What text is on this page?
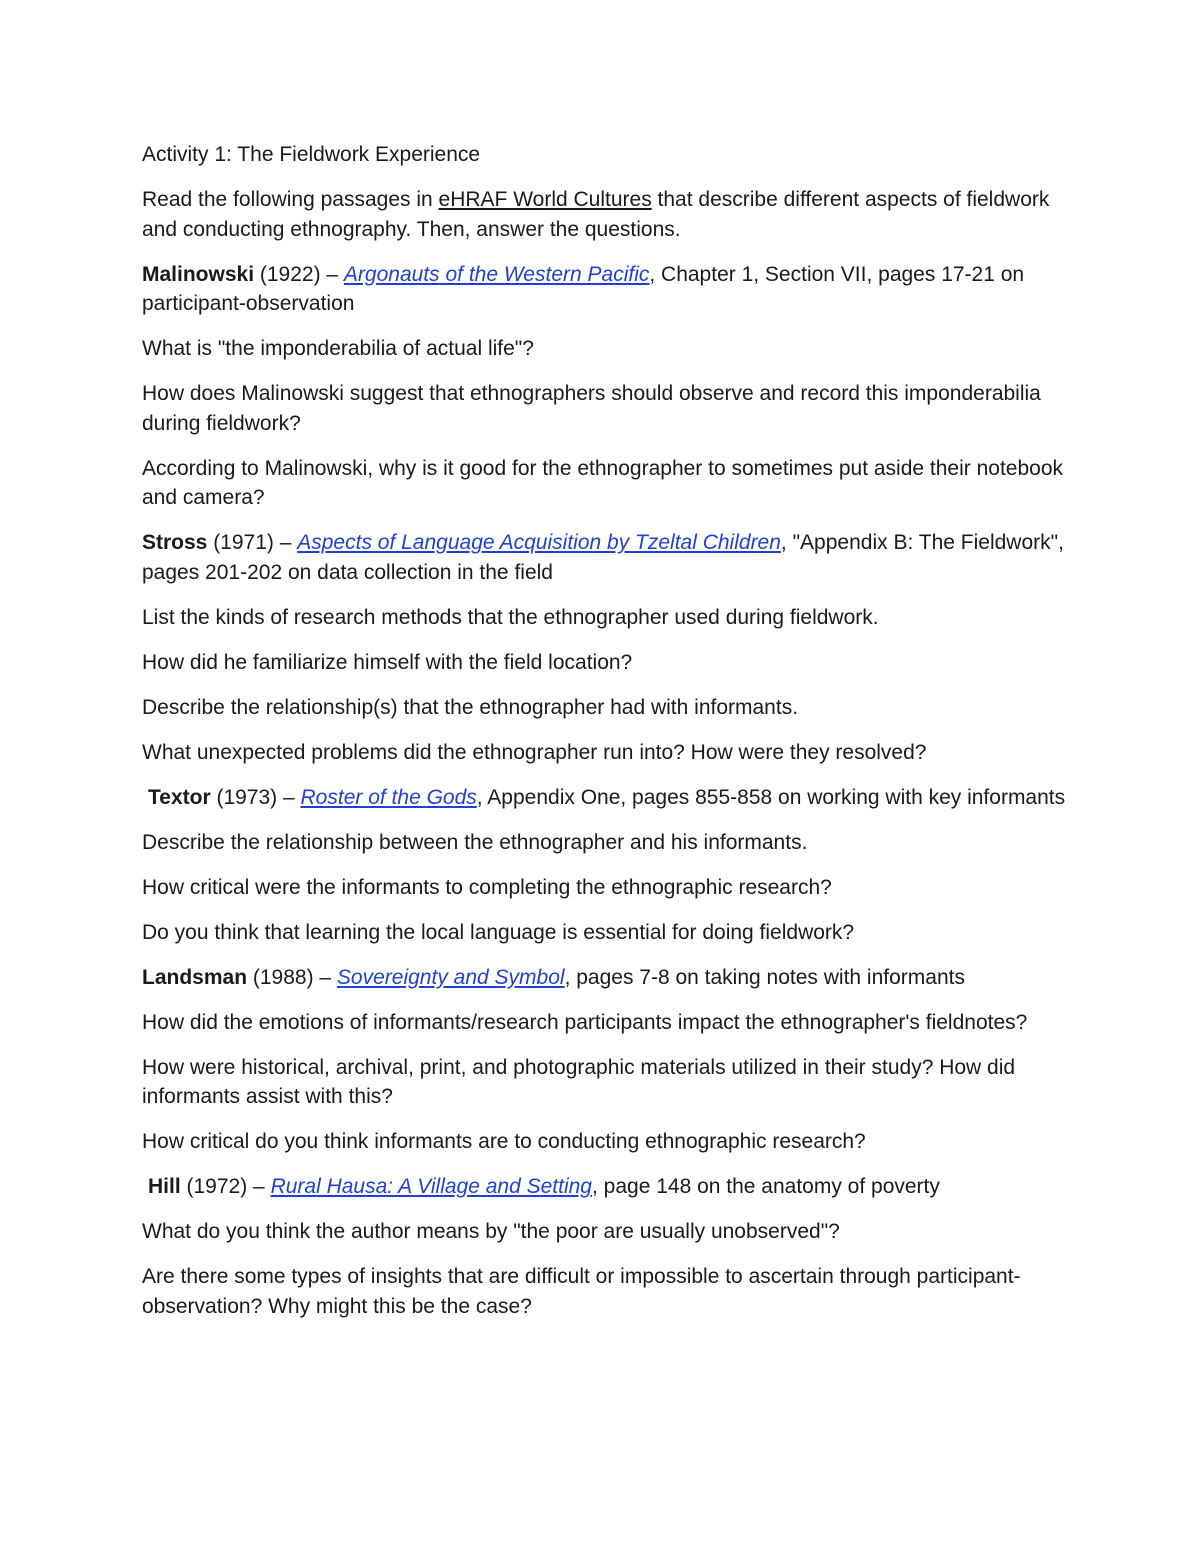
Activity 1: The Fieldwork Experience

Read the following passages in eHRAF World Cultures that describe different aspects of fieldwork and conducting ethnography. Then, answer the questions.

Malinowski (1922) – Argonauts of the Western Pacific, Chapter 1, Section VII, pages 17-21 on participant-observation

What is "the imponderabilia of actual life"?

How does Malinowski suggest that ethnographers should observe and record this imponderabilia during fieldwork?

According to Malinowski, why is it good for the ethnographer to sometimes put aside their notebook and camera?

Stross (1971) – Aspects of Language Acquisition by Tzeltal Children, "Appendix B: The Fieldwork", pages 201-202 on data collection in the field

List the kinds of research methods that the ethnographer used during fieldwork.

How did he familiarize himself with the field location?

Describe the relationship(s) that the ethnographer had with informants.

What unexpected problems did the ethnographer run into? How were they resolved?

Textor (1973) – Roster of the Gods, Appendix One, pages 855-858 on working with key informants

Describe the relationship between the ethnographer and his informants.

How critical were the informants to completing the ethnographic research?

Do you think that learning the local language is essential for doing fieldwork?

Landsman (1988) – Sovereignty and Symbol, pages 7-8 on taking notes with informants

How did the emotions of informants/research participants impact the ethnographer's fieldnotes?

How were historical, archival, print, and photographic materials utilized in their study? How did informants assist with this?

How critical do you think informants are to conducting ethnographic research?

Hill (1972) – Rural Hausa: A Village and Setting, page 148 on the anatomy of poverty

What do you think the author means by "the poor are usually unobserved"?

Are there some types of insights that are difficult or impossible to ascertain through participant-observation? Why might this be the case?
